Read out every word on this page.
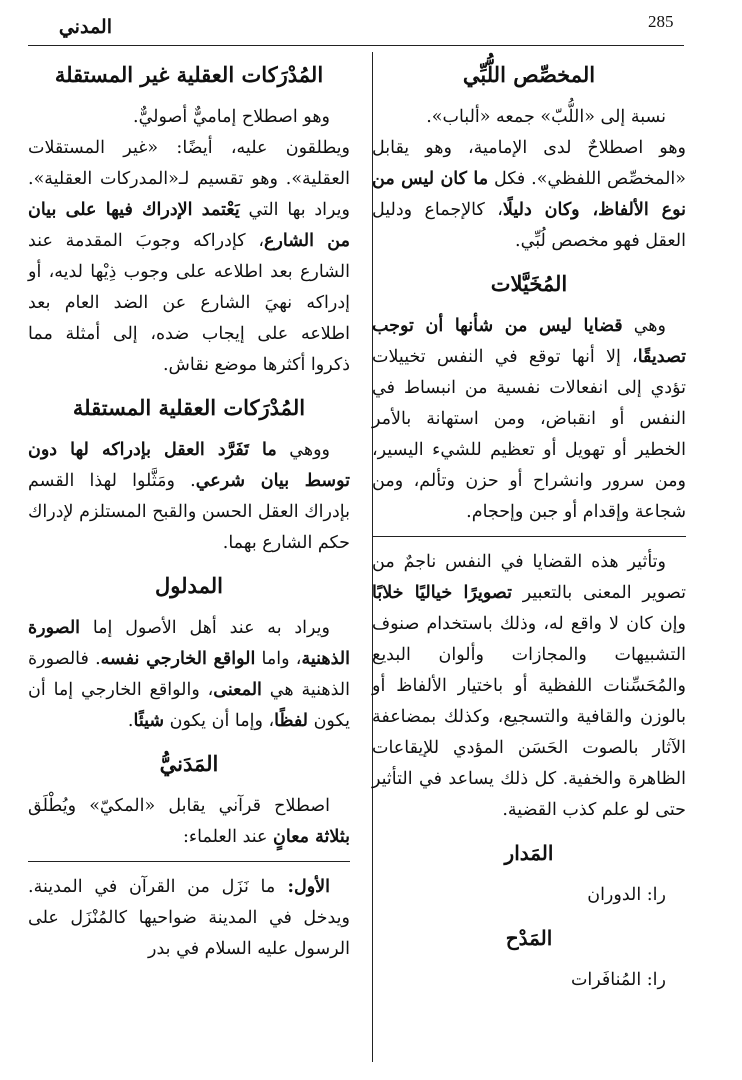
285
المدني
المخصِّص اللُّبِّي

نسبة إلى «اللُّبّ» جمعه «ألباب».

وهو اصطلاحٌ لدى الإمامية، وهو يقابل «المخصِّص اللفظي». فكل ما كان ليس من نوع الألفاظ، وكان دليلًا، كالإجماع ودليل العقل فهو مخصص لُبِّي.

المُخَيَّلات

وهي قضايا ليس من شأنها أن توجب تصديقًا، إلا أنها توقع في النفس تخييلات تؤدي إلى انفعالات نفسية من انبساط في النفس أو انقباض، ومن استهانة بالأمر الخطير أو تهويل أو تعظيم للشيء اليسير، ومن سرور وانشراح أو حزن وتألم، ومن شجاعة وإقدام أو جبن وإحجام.

وتأثير هذه القضايا في النفس ناجمٌ من تصوير المعنى بالتعبير تصويرًا خياليًا خلابًا وإن كان لا واقع له، وذلك باستخدام صنوف التشبيهات والمجازات وألوان البديع والمُحَسِّنات اللفظية أو باختيار الألفاظ أو بالوزن والقافية والتسجيع، وكذلك بمضاعفة الآثار بالصوت الحَسَن المؤدي للإيقاعات الظاهرة والخفية. كل ذلك يساعد في التأثير حتى لو علم كذب القضية.

المَدار

را: الدوران

المَدْح

را: المُنافَرات

المُدْرَكات العقلية غير المستقلة

وهو اصطلاح إماميٌّ أصوليٌّ.

ويطلقون عليه، أيضًا: «غير المستقلات العقلية». وهو تقسيم لـ«المدركات العقلية». ويراد بها التي يَعْتمد الإدراك فيها على بيان من الشارع، كإدراكه وجوبَ المقدمة عند الشارع بعد اطلاعه على وجوب ذِيْها لديه، أو إدراكه نهيَ الشارع عن الضد العام بعد اطلاعه على إيجاب ضده، إلى أمثلة مما ذكروا أكثرها موضع نقاش.

المُدْرَكات العقلية المستقلة

ووهي ما تَفَرَّد العقل بإدراكه لها دون توسط بيان شرعي. ومَثَّلوا لهذا القسم بإدراك العقل الحسن والقبح المستلزم لإدراك حكم الشارع بهما.

المدلول

ويراد به عند أهل الأصول إما الصورة الذهنية، واما الواقع الخارجي نفسه. فالصورة الذهنية هي المعنى، والواقع الخارجي إما أن يكون لفظًا، وإما أن يكون شيئًا.

المَدَنيُّ

اصطلاح قرآني يقابل «المكيّ» ويُطْلَق بثلاثة معانٍ عند العلماء:

الأول: ما نَزَل من القرآن في المدينة. ويدخل في المدينة ضواحيها كالمُنْزَل على الرسول عليه السلام في بدر
